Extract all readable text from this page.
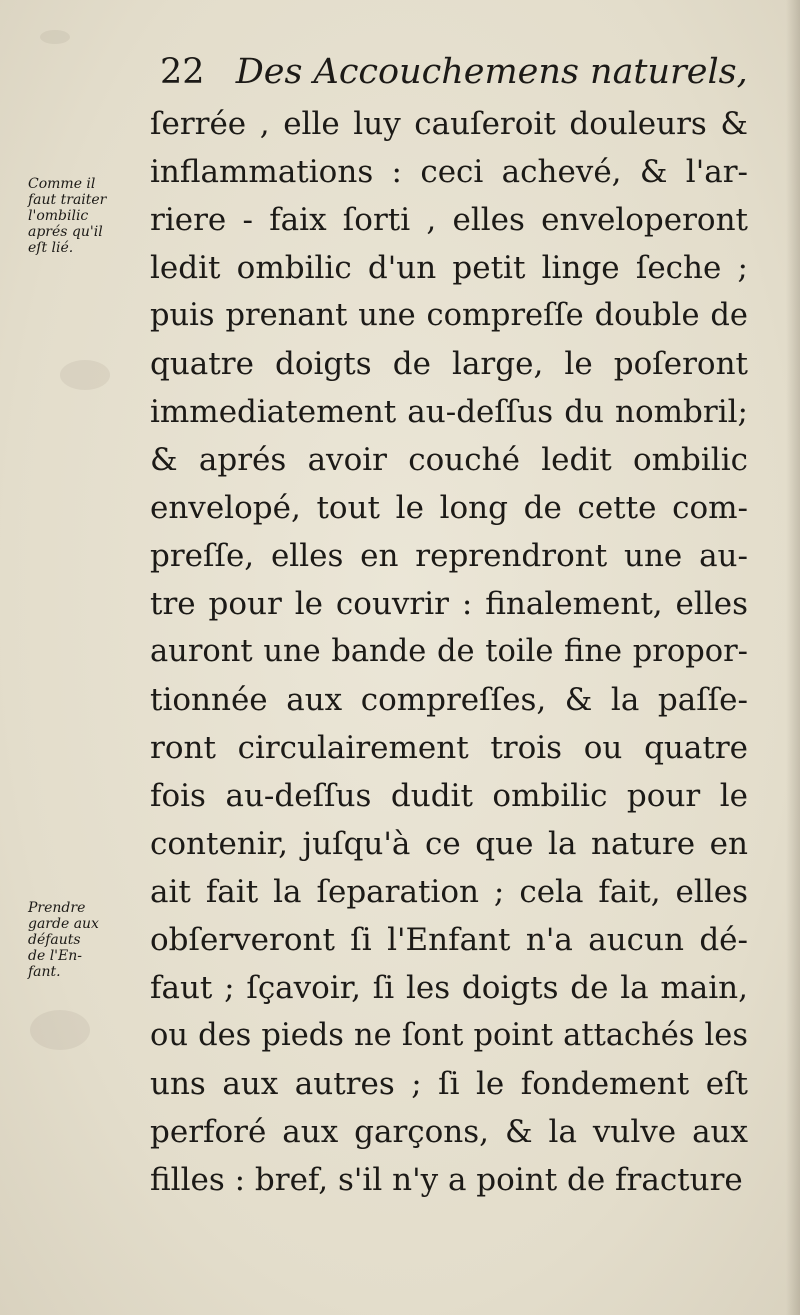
22 Des Accouchemens naturels,
Comme il
faut traiter
l'ombilic
aprés qu'il
eſt lié.
Prendre
garde aux
défauts
de l'En-
fant.
ſerrée , elle luy cauſeroit douleurs &
inflammations : ceci achevé, & l'ar-
riere - faix ſorti , elles enveloperont
ledit ombilic d'un petit linge ſeche ;
puis prenant une compreſſe double de
quatre doigts de large, le poſeront
immediatement au-deſſus du nombril;
& aprés avoir couché ledit ombilic
envelopé, tout le long de cette com-
preſſe, elles en reprendront une au-
tre pour le couvrir : finalement, elles
auront une bande de toile fine propor-
tionnée aux compreſſes, & la paſſe-
ront circulairement trois ou quatre
fois au-deſſus dudit ombilic pour le
contenir, juſqu'à ce que la nature en
ait fait la ſeparation ; cela fait, elles
obſerveront ſi l'Enfant n'a aucun dé-
faut ; ſçavoir, ſi les doigts de la main,
ou des pieds ne ſont point attachés les
uns aux autres ; ſi le fondement eſt
perforé aux garçons, & la vulve aux
filles : bref, s'il n'y a point de fracture
